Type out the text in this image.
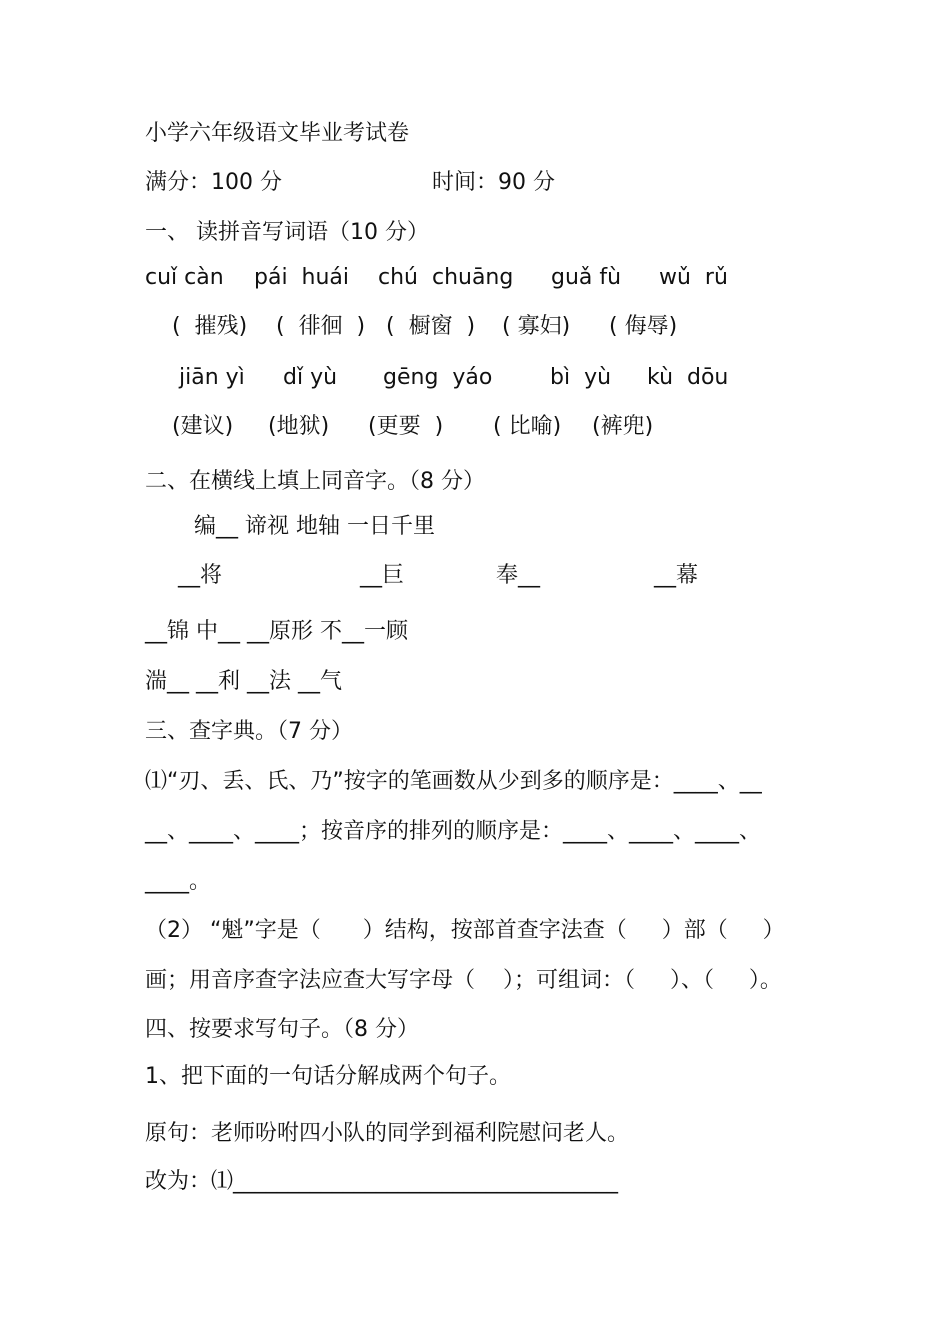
小学六年级语文毕业考试卷
满分：100 分	时间：90 分
一、 读拼音写词语（10 分）
cuǐ càn pái  huái chú  chuāng guǎ fù wǔ  rǔ
(  摧残) (  徘徊  ) (  橱窗  ) ( 寡妇) ( 侮辱)
jiān yì dǐ yù gēng  yáo	bì  yù kù  dōu
(建议) (地狱) (更要  ) ( 比喻) (裤兜)
二、在横线上填上同音字。（8 分）
编__ 谛视 地轴 一日千里
__将	__巨	奉__	__幕
__锦 中__ __原形 不__一顾
湍__ __利 __法 __气
三、查字典。（7 分）
⑴“刃、丢、氏、乃”按字的笔画数从少到多的顺序是：____、__
__、____、____；按音序的排列的顺序是：____、____、____、
____。
（2） “魁”字是（      ）结构，按部首查字法查（     ）部（     ）
画；用音序查字法应查大写字母（    ）；可组词：（     ）、（     ）。
四、按要求写句子。（8 分）
1、把下面的一句话分解成两个句子。
原句：老师吩咐四小队的同学到福利院慰问老人。
改为：⑴___________________________________
